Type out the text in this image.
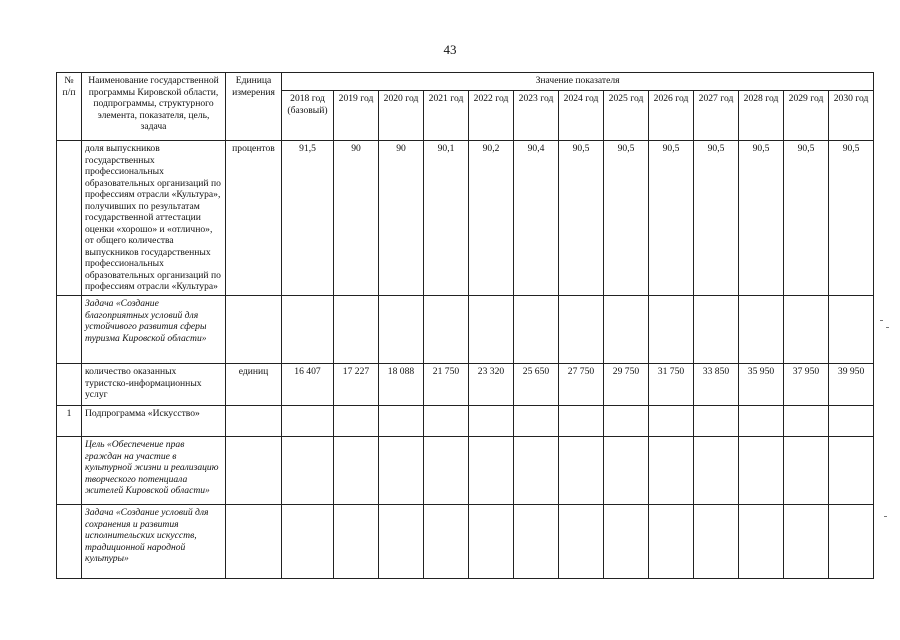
43
№ п/п	Наименование государственной программы Кировской области, подпрограммы, структурного элемента, показателя, цель, задача	Единица измерения	Значение показателя												
			2018 год (базовый)	2019 год	2020 год	2021 год	2022 год	2023 год	2024 год	2025 год	2026 год	2027 год	2028 год	2029 год	2030 год
	доля выпускников государственных профессиональных образовательных организаций по профессиям отрасли «Культура», получивших по результатам государственной аттестации оценки «хорошо» и «отлично», от общего количества выпускников государственных профессиональных образовательных организаций по профессиям отрасли «Культура»	процентов	91,5	90	90	90,1	90,2	90,4	90,5	90,5	90,5	90,5	90,5	90,5	90,5
	Задача «Создание благоприятных условий для устойчивого развития сферы туризма Кировской области»														
	количество оказанных туристско-информационных услуг	единиц	16 407	17 227	18 088	21 750	23 320	25 650	27 750	29 750	31 750	33 850	35 950	37 950	39 950
1	Подпрограмма «Искусство»														
	Цель «Обеспечение прав граждан на участие в культурной жизни и реализацию творческого потенциала жителей Кировской области»														
	Задача «Создание условий для сохранения и развития исполнительских искусств, традиционной народной культуры»														
